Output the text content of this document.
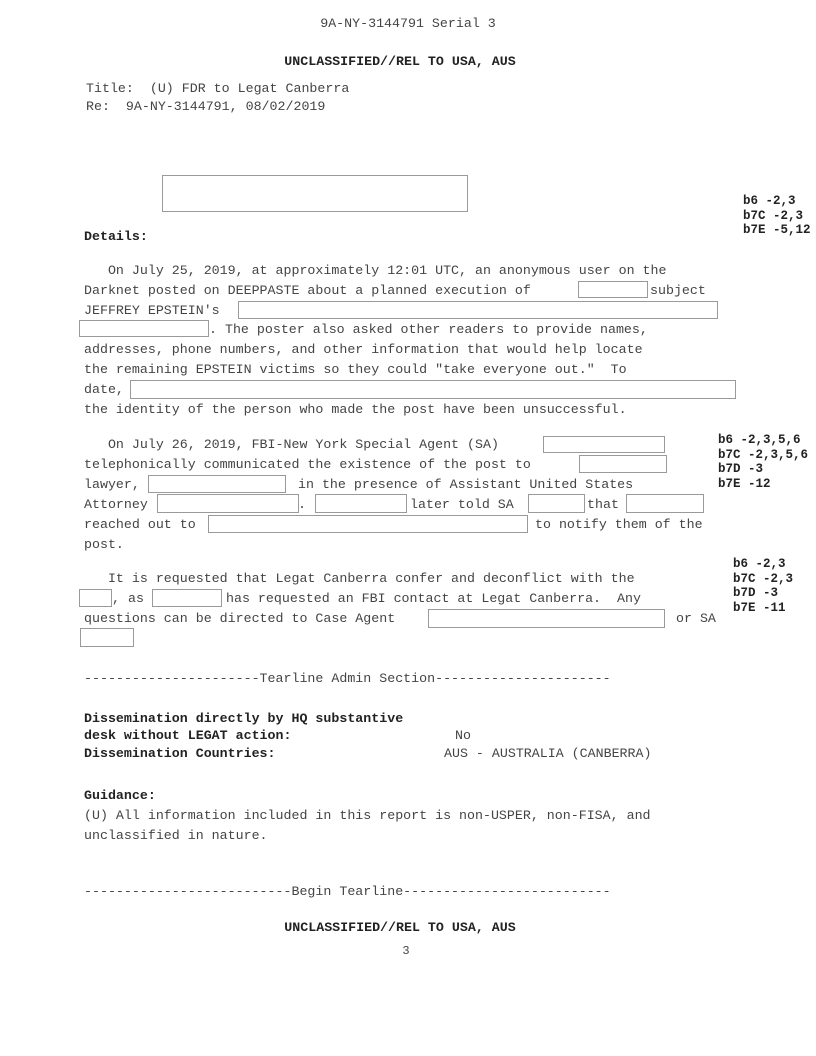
9A-NY-3144791 Serial 3
UNCLASSIFIED//REL TO USA, AUS
Title:  (U) FDR to Legat Canberra
Re:  9A-NY-3144791, 08/02/2019
b6 -2,3
b7C -2,3
b7E -5,12
Details:
On July 25, 2019, at approximately 12:01 UTC, an anonymous user on the
Darknet posted on DEEPPASTE about a planned execution of	subject
JEFFREY EPSTEIN's
. The poster also asked other readers to provide names,
addresses, phone numbers, and other information that would help locate
the remaining EPSTEIN victims so they could "take everyone out."  To
date,
the identity of the person who made the post have been unsuccessful.
b6 -2,3,5,6
b7C -2,3,5,6
b7D -3
b7E -12
On July 26, 2019, FBI-New York Special Agent (SA)
telephonically communicated the existence of the post to
lawyer,	in the presence of Assistant United States
Attorney	.	later told SA	that
reached out to	to notify them of the
post.
b6 -2,3
b7C -2,3
b7D -3
b7E -11
It is requested that Legat Canberra confer and deconflict with the
, as	has requested an FBI contact at Legat Canberra.  Any
questions can be directed to Case Agent	or SA
----------------------Tearline Admin Section----------------------
Dissemination directly by HQ substantive
desk without LEGAT action:	No
Dissemination Countries:	AUS - AUSTRALIA (CANBERRA)
Guidance:
(U) All information included in this report is non-USPER, non-FISA, and
unclassified in nature.
--------------------------Begin Tearline--------------------------
UNCLASSIFIED//REL TO USA, AUS
3
